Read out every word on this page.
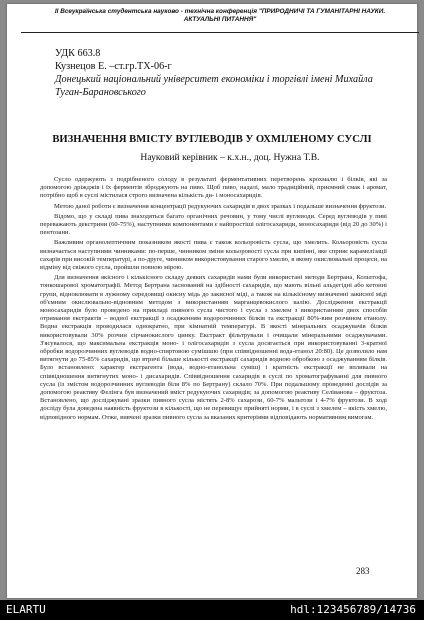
II Всеукраїнська студентська науково - технічна конференція "ПРИРОДНИЧІ ТА ГУМАНІТАРНІ НАУКИ.
АКТУАЛЬНІ ПИТАННЯ"
УДК 663.8
Кузнецов Е. –ст.гр.ТХ-06-г
Донецький національний університет економіки і торгівлі імені Михайла
Туган-Барановського
ВИЗНАЧЕННЯ ВМІСТУ ВУГЛЕВОДІВ У ОХМІЛЕНОМУ СУСЛІ
Науковий керівник – к.х.н., доц. Нужна Т.В.

Сусло одержують з подрібненого солоду в результаті ферментативних перетворень крохмалю і білків, які за допомогою дріжджів і їх ферментів зброджують на пиво. Щоб пиво, надалі, мало традиційний, приємний смак і аромат, потрібно щоб в суслі містилася строго визначена кількість ди- і моносахаридів.

Метою даної роботи є визначення концентрації редукуючих сахаридів в двох зразках і подальше визначення фруктози.

Відомо, що у складі пива знаходяться багато органічних речовин, у тому числі вуглеводи. Серед вуглеводів у пиві переважають декстрини (60-75%), наступними компонентами є найпростіші олігосахариди, моносахариди (від 20 до 30%) і пентозани.

Важливим органолептичним показником якості пива є також кольоровість сусла, що хмелить. Кольоровість сусла визначається наступними чинниками: по-перше, чинником зміни кольоровості сусла при кипінні, яке сприяє карамелізації сахарів при високій температурі, а по-друге, чинником використовування старого хмелю, в якому окислювальні процеси, на відміну від свіжого сусла, пройшли повною мірою.

Для визначення якісного і кількісного складу деяких сахаридів нами були використані методи Бертрана, Кольтгофа, тонкошарової хроматографії. Метод Бертрана заснований на здібності сахаридів, що мають вільні альдегідні або кетонні групи, відновлювати в лужному середовищі окисну мідь до закисної міді, а також на кількісному визначенні закисної міді об'ємним окислювально-відновним методом з використанням марганцевокислого калію. Дослідження екстракції моносахаридів було проведено на прикладі пивного сусла чистого і сусла з хмелем з використанням двох способів отримання екстрактів – водної екстракції з осадженням водорозчинних білків та екстракції 80%-вим розчином етанолу. Водна екстракція проводилася однократно, при кімнатній температурі. В якості мінеральних осаджувачів білків використовували 30% розчин сірчанокислого цинку. Екстракт фільтрували і очищали мінеральними осаджувачами. З'ясувалося, що максимальна екстракція моно- і олігосахаридів з сусла досягається при використовуванні 3-кратної обробки водорозчинних вуглеводів водно-спиртовою сумішшю (при співвідношенні вода-етанол 20:80). Це дозволило нам витягнути до 75-85% сахаридів, що втричі більше кількості екстракції сахаридів водною обробкою з осаджуванням білків. Було встановлено: характер екстрагента (вода, водно-етанольна суміш) і кратність екстракції не впливали на співвідношення витягнутих моно- і дисахаридів. Співвідношення сахаридів в суслі по хроматографуванні для пивного сусла (із змістом водорозчинних вуглеводів біля 8% по Бертрану) склало 70%. При подальшому проведенні дослідів за допомогою реактиву Фелінга був визначений вміст редукуючих сахаридів; за допомогою реактиву Селіванова – фруктоза. Встановлено, що досліджувані зразки пивного сусла містять 2-8% сахарози, 60-7% мальтози і 4-7% фруктози. В ході досліду була доведена наявність фруктози в кількості, що не перевищує прийняті норми, і в суслі з хмелем – якість хмелю, відповідного нормам. Отже, вивчені зразки пивного сусла за вказаних критеріями відповідають нормативним вимогам.

283
ELARTU	hdl:123456789/14736
